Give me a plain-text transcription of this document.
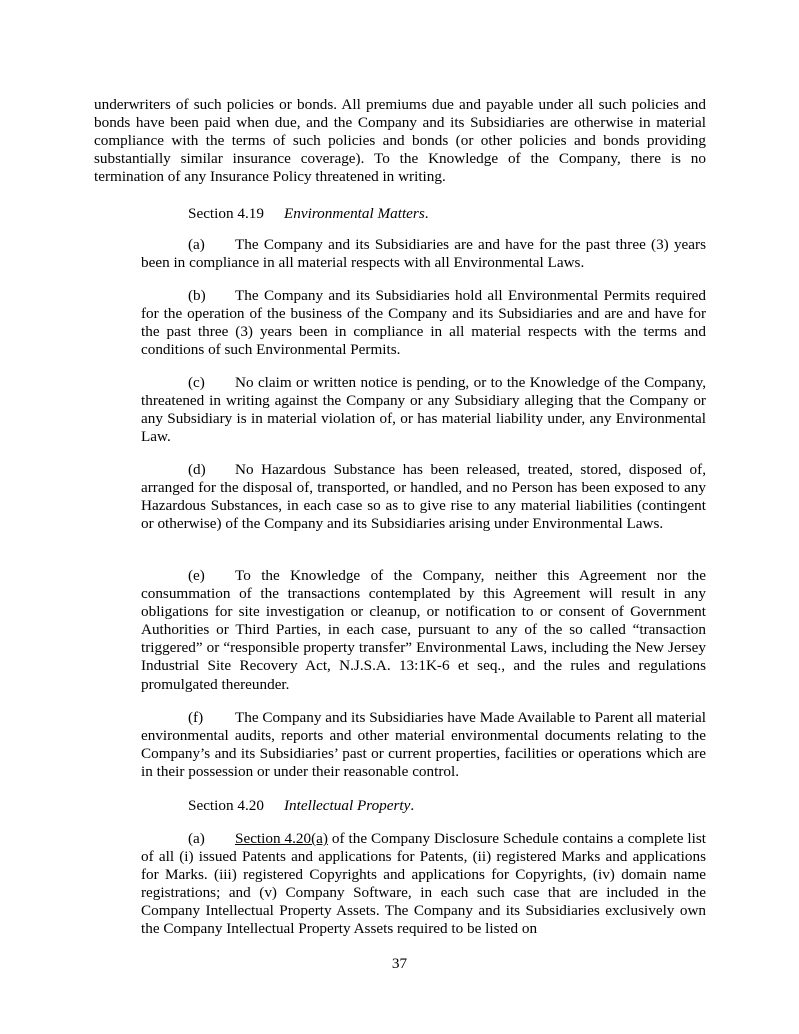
underwriters of such policies or bonds. All premiums due and payable under all such policies and bonds have been paid when due, and the Company and its Subsidiaries are otherwise in material compliance with the terms of such policies and bonds (or other policies and bonds providing substantially similar insurance coverage). To the Knowledge of the Company, there is no termination of any Insurance Policy threatened in writing.

Section 4.19 Environmental Matters.

(a) The Company and its Subsidiaries are and have for the past three (3) years been in compliance in all material respects with all Environmental Laws.

(b) The Company and its Subsidiaries hold all Environmental Permits required for the operation of the business of the Company and its Subsidiaries and are and have for the past three (3) years been in compliance in all material respects with the terms and conditions of such Environmental Permits.

(c) No claim or written notice is pending, or to the Knowledge of the Company, threatened in writing against the Company or any Subsidiary alleging that the Company or any Subsidiary is in material violation of, or has material liability under, any Environmental Law.

(d) No Hazardous Substance has been released, treated, stored, disposed of, arranged for the disposal of, transported, or handled, and no Person has been exposed to any Hazardous Substances, in each case so as to give rise to any material liabilities (contingent or otherwise) of the Company and its Subsidiaries arising under Environmental Laws.

(e) To the Knowledge of the Company, neither this Agreement nor the consummation of the transactions contemplated by this Agreement will result in any obligations for site investigation or cleanup, or notification to or consent of Government Authorities or Third Parties, in each case, pursuant to any of the so called “transaction triggered” or “responsible property transfer” Environmental Laws, including the New Jersey Industrial Site Recovery Act, N.J.S.A. 13:1K-6 et seq., and the rules and regulations promulgated thereunder.

(f) The Company and its Subsidiaries have Made Available to Parent all material environmental audits, reports and other material environmental documents relating to the Company’s and its Subsidiaries’ past or current properties, facilities or operations which are in their possession or under their reasonable control.

Section 4.20 Intellectual Property.

(a) Section 4.20(a) of the Company Disclosure Schedule contains a complete list of all (i) issued Patents and applications for Patents, (ii) registered Marks and applications for Marks. (iii) registered Copyrights and applications for Copyrights, (iv) domain name registrations; and (v) Company Software, in each such case that are included in the Company Intellectual Property Assets. The Company and its Subsidiaries exclusively own the Company Intellectual Property Assets required to be listed on

37
